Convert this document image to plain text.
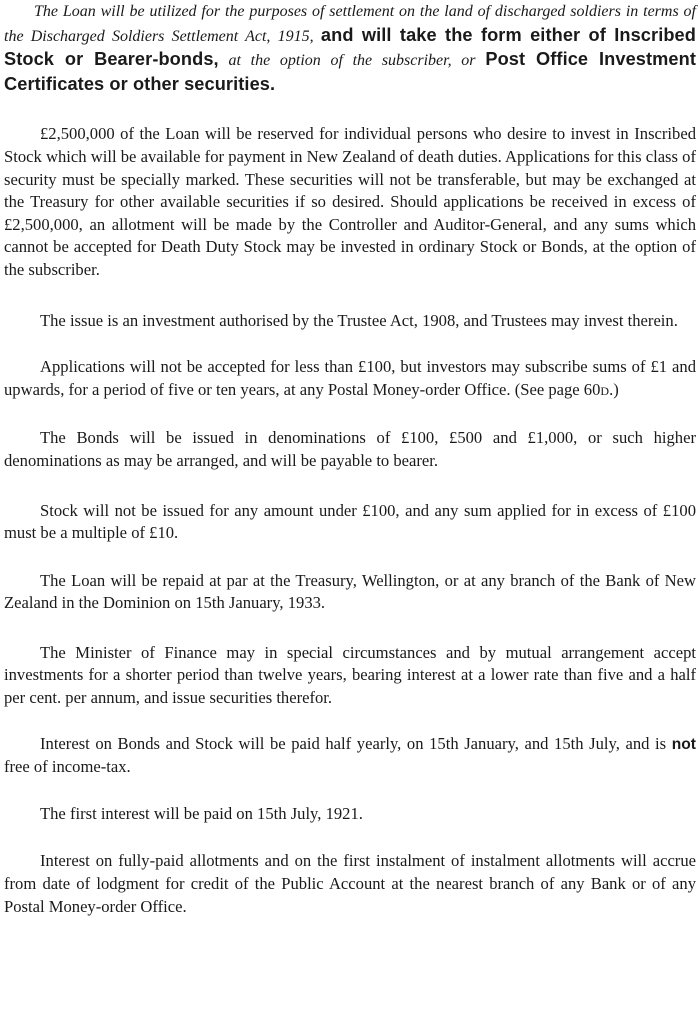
The Loan will be utilized for the purposes of settlement on the land of discharged soldiers in terms of the Discharged Soldiers Settlement Act, 1915, and will take the form either of Inscribed Stock or Bearer-bonds, at the option of the subscriber, or Post Office Investment Certificates or other securities.

£2,500,000 of the Loan will be reserved for individual persons who desire to invest in Inscribed Stock which will be available for payment in New Zealand of death duties. Applications for this class of security must be specially marked. These securities will not be transferable, but may be exchanged at the Treasury for other available securities if so desired. Should applications be received in excess of £2,500,000, an allotment will be made by the Controller and Auditor-General, and any sums which cannot be accepted for Death Duty Stock may be invested in ordinary Stock or Bonds, at the option of the subscriber.

The issue is an investment authorised by the Trustee Act, 1908, and Trustees may invest therein.

Applications will not be accepted for less than £100, but investors may subscribe sums of £1 and upwards, for a period of five or ten years, at any Postal Money-order Office. (See page 60d.)

The Bonds will be issued in denominations of £100, £500 and £1,000, or such higher denominations as may be arranged, and will be payable to bearer.

Stock will not be issued for any amount under £100, and any sum applied for in excess of £100 must be a multiple of £10.

The Loan will be repaid at par at the Treasury, Wellington, or at any branch of the Bank of New Zealand in the Dominion on 15th January, 1933.

The Minister of Finance may in special circumstances and by mutual arrangement accept investments for a shorter period than twelve years, bearing interest at a lower rate than five and a half per cent. per annum, and issue securities therefor.

Interest on Bonds and Stock will be paid half yearly, on 15th January, and 15th July, and is not free of income-tax.

The first interest will be paid on 15th July, 1921.

Interest on fully-paid allotments and on the first instalment of instalment allotments will accrue from date of lodgment for credit of the Public Account at the nearest branch of any Bank or of any Postal Money-order Office.
